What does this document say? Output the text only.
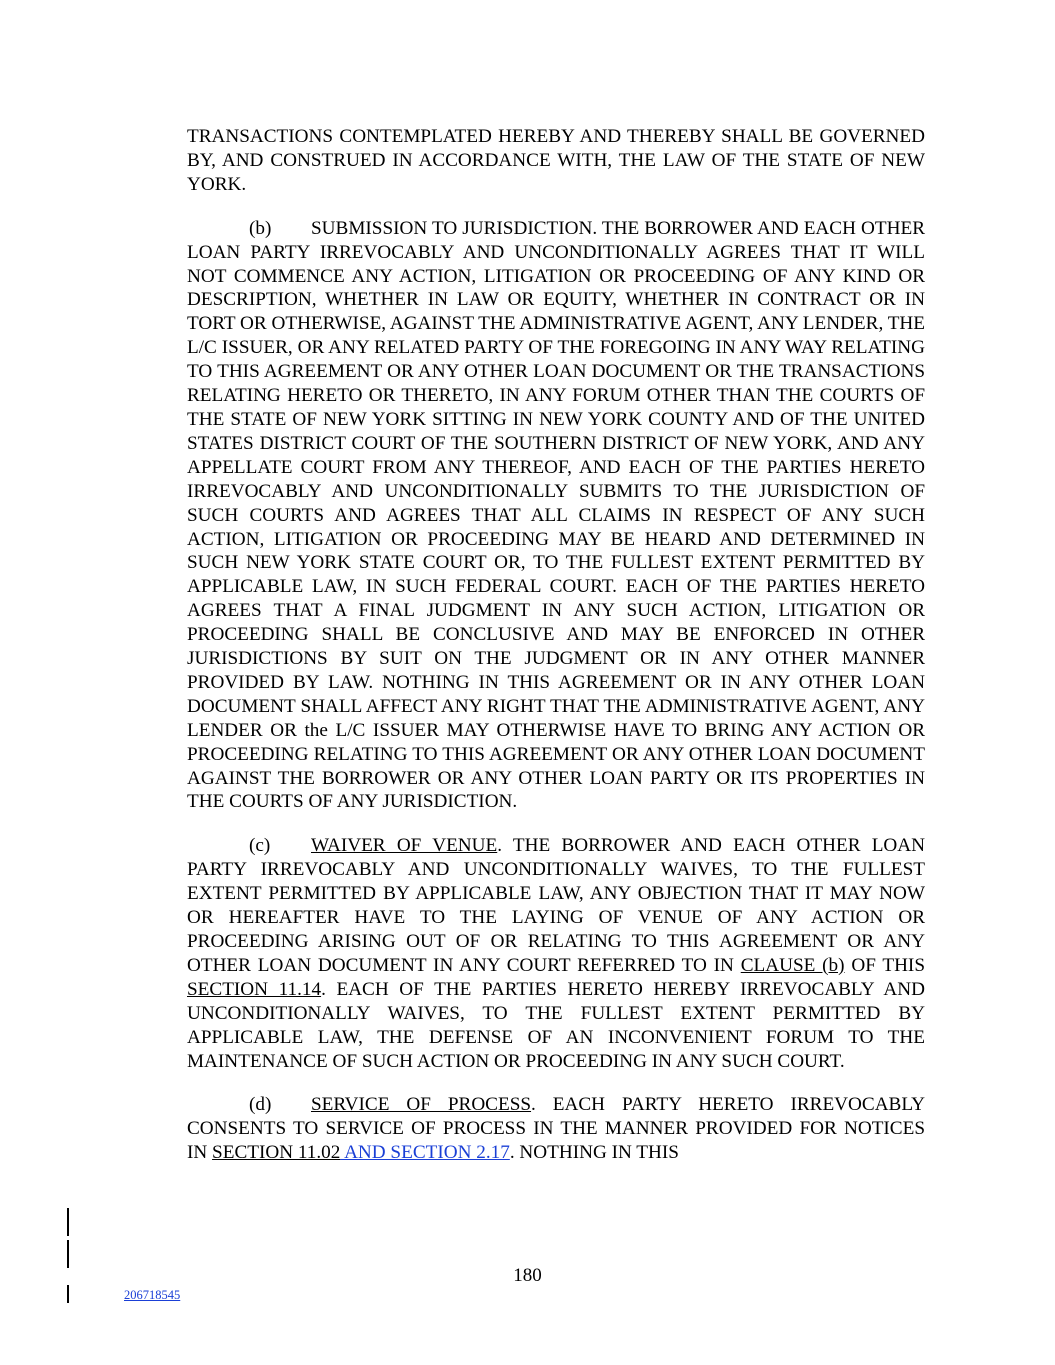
TRANSACTIONS CONTEMPLATED HEREBY AND THEREBY SHALL BE GOVERNED BY, AND CONSTRUED IN ACCORDANCE WITH, THE LAW OF THE STATE OF NEW YORK.

(b) SUBMISSION TO JURISDICTION. THE BORROWER AND EACH OTHER LOAN PARTY IRREVOCABLY AND UNCONDITIONALLY AGREES THAT IT WILL NOT COMMENCE ANY ACTION, LITIGATION OR PROCEEDING OF ANY KIND OR DESCRIPTION, WHETHER IN LAW OR EQUITY, WHETHER IN CONTRACT OR IN TORT OR OTHERWISE, AGAINST THE ADMINISTRATIVE AGENT, ANY LENDER, THE L/C ISSUER, OR ANY RELATED PARTY OF THE FOREGOING IN ANY WAY RELATING TO THIS AGREEMENT OR ANY OTHER LOAN DOCUMENT OR THE TRANSACTIONS RELATING HERETO OR THERETO, IN ANY FORUM OTHER THAN THE COURTS OF THE STATE OF NEW YORK SITTING IN NEW YORK COUNTY AND OF THE UNITED STATES DISTRICT COURT OF THE SOUTHERN DISTRICT OF NEW YORK, AND ANY APPELLATE COURT FROM ANY THEREOF, AND EACH OF THE PARTIES HERETO IRREVOCABLY AND UNCONDITIONALLY SUBMITS TO THE JURISDICTION OF SUCH COURTS AND AGREES THAT ALL CLAIMS IN RESPECT OF ANY SUCH ACTION, LITIGATION OR PROCEEDING MAY BE HEARD AND DETERMINED IN SUCH NEW YORK STATE COURT OR, TO THE FULLEST EXTENT PERMITTED BY APPLICABLE LAW, IN SUCH FEDERAL COURT. EACH OF THE PARTIES HERETO AGREES THAT A FINAL JUDGMENT IN ANY SUCH ACTION, LITIGATION OR PROCEEDING SHALL BE CONCLUSIVE AND MAY BE ENFORCED IN OTHER JURISDICTIONS BY SUIT ON THE JUDGMENT OR IN ANY OTHER MANNER PROVIDED BY LAW. NOTHING IN THIS AGREEMENT OR IN ANY OTHER LOAN DOCUMENT SHALL AFFECT ANY RIGHT THAT THE ADMINISTRATIVE AGENT, ANY LENDER OR the L/C ISSUER MAY OTHERWISE HAVE TO BRING ANY ACTION OR PROCEEDING RELATING TO THIS AGREEMENT OR ANY OTHER LOAN DOCUMENT AGAINST THE BORROWER OR ANY OTHER LOAN PARTY OR ITS PROPERTIES IN THE COURTS OF ANY JURISDICTION.

(c) WAIVER OF VENUE. THE BORROWER AND EACH OTHER LOAN PARTY IRREVOCABLY AND UNCONDITIONALLY WAIVES, TO THE FULLEST EXTENT PERMITTED BY APPLICABLE LAW, ANY OBJECTION THAT IT MAY NOW OR HEREAFTER HAVE TO THE LAYING OF VENUE OF ANY ACTION OR PROCEEDING ARISING OUT OF OR RELATING TO THIS AGREEMENT OR ANY OTHER LOAN DOCUMENT IN ANY COURT REFERRED TO IN CLAUSE (b) OF THIS SECTION 11.14. EACH OF THE PARTIES HERETO HEREBY IRREVOCABLY AND UNCONDITIONALLY WAIVES, TO THE FULLEST EXTENT PERMITTED BY APPLICABLE LAW, THE DEFENSE OF AN INCONVENIENT FORUM TO THE MAINTENANCE OF SUCH ACTION OR PROCEEDING IN ANY SUCH COURT.

(d) SERVICE OF PROCESS. EACH PARTY HERETO IRREVOCABLY CONSENTS TO SERVICE OF PROCESS IN THE MANNER PROVIDED FOR NOTICES IN SECTION 11.02 AND SECTION 2.17. NOTHING IN THIS

180
206718545
